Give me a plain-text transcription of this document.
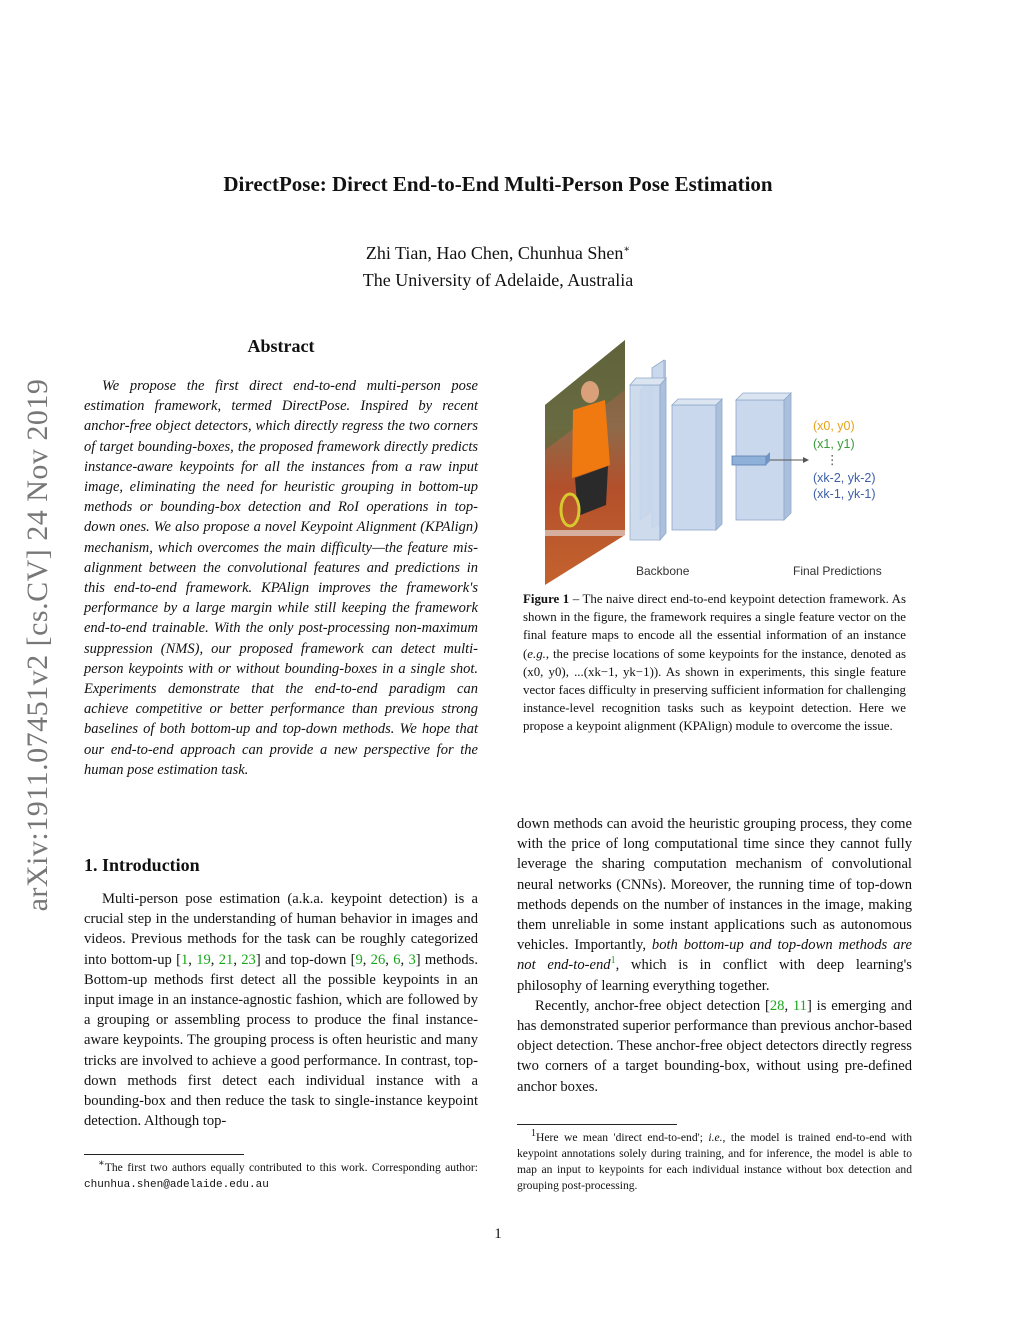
arXiv:1911.07451v2 [cs.CV] 24 Nov 2019
DirectPose: Direct End-to-End Multi-Person Pose Estimation
Zhi Tian, Hao Chen, Chunhua Shen∗
The University of Adelaide, Australia
Abstract
We propose the first direct end-to-end multi-person pose estimation framework, termed DirectPose. Inspired by recent anchor-free object detectors, which directly regress the two corners of target bounding-boxes, the proposed framework directly predicts instance-aware keypoints for all the instances from a raw input image, eliminating the need for heuristic grouping in bottom-up methods or bounding-box detection and RoI operations in top-down ones. We also propose a novel Keypoint Alignment (KPAlign) mechanism, which overcomes the main difficulty—the feature mis-alignment between the convolutional features and predictions in this end-to-end framework. KPAlign improves the framework's performance by a large margin while still keeping the framework end-to-end trainable. With the only post-processing non-maximum suppression (NMS), our proposed framework can detect multi-person keypoints with or without bounding-boxes in a single shot. Experiments demonstrate that the end-to-end paradigm can achieve competitive or better performance than previous strong baselines of both bottom-up and top-down methods. We hope that our end-to-end approach can provide a new perspective for the human pose estimation task.
1. Introduction
Multi-person pose estimation (a.k.a. keypoint detection) is a crucial step in the understanding of human behavior in images and videos. Previous methods for the task can be roughly categorized into bottom-up [1, 19, 21, 23] and top-down [9, 26, 6, 3] methods. Bottom-up methods first detect all the possible keypoints in an input image in an instance-agnostic fashion, which are followed by a grouping or assembling process to produce the final instance-aware keypoints. The grouping process is often heuristic and many tricks are involved to achieve a good performance. In contrast, top-down methods first detect each individual instance with a bounding-box and then reduce the task to single-instance keypoint detection. Although top-
∗The first two authors equally contributed to this work. Corresponding author: chunhua.shen@adelaide.edu.au
(x0, y0)
(x1, y1)
⋮
(xk-2, yk-2)
(xk-1, yk-1)
Backbone	Final Predictions
Figure 1 – The naive direct end-to-end keypoint detection framework. As shown in the figure, the framework requires a single feature vector on the final feature maps to encode all the essential information of an instance (e.g., the precise locations of some keypoints for the instance, denoted as (x0, y0), ...(xk−1, yk−1)). As shown in experiments, this single feature vector faces difficulty in preserving sufficient information for challenging instance-level recognition tasks such as keypoint detection. Here we propose a keypoint alignment (KPAlign) module to overcome the issue.

down methods can avoid the heuristic grouping process, they come with the price of long computational time since they cannot fully leverage the sharing computation mechanism of convolutional neural networks (CNNs). Moreover, the running time of top-down methods depends on the number of instances in the image, making them unreliable in some instant applications such as autonomous vehicles. Importantly, both bottom-up and top-down methods are not end-to-end$^1$, which is in conflict with deep learning's philosophy of learning everything together.

Recently, anchor-free object detection [28, 11] is emerging and has demonstrated superior performance than previous anchor-based object detection. These anchor-free object detectors directly regress two corners of a target bounding-box, without using pre-defined anchor boxes.

$^1$Here we mean 'direct end-to-end'; i.e., the model is trained end-to-end with keypoint annotations solely during training, and for inference, the model is able to map an input to keypoints for each individual instance without box detection and grouping post-processing.
1
